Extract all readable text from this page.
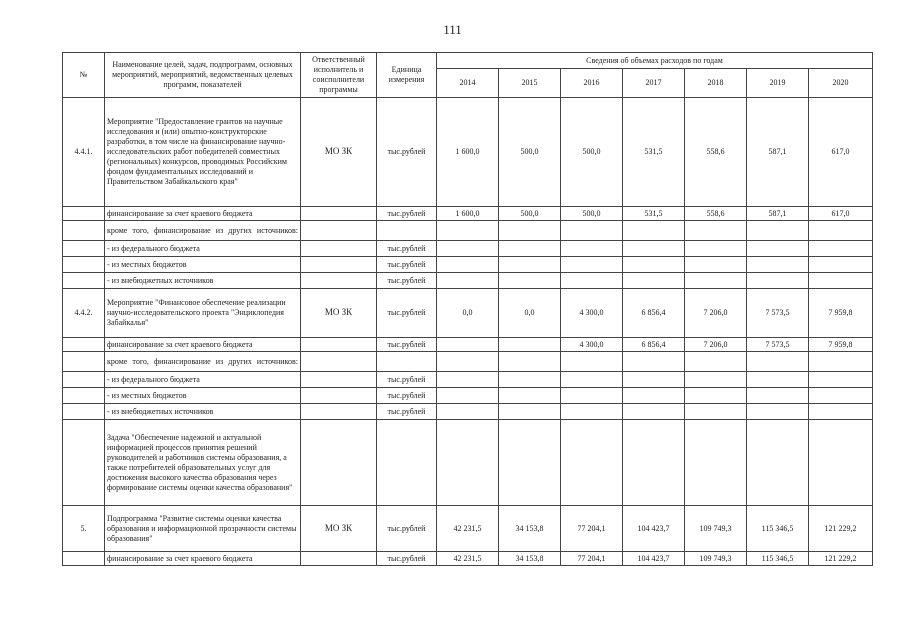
111
№	Наименование целей, задач, подпрограмм, основных мероприятий, мероприятий, ведомственных целевых программ, показателей	Ответственный исполнитель и соисполнители программы	Единица измерения	Сведения об объемах расходов по годам						
				2014	2015	2016	2017	2018	2019	2020
4.4.1.	Мероприятие "Предоставление грантов на научные исследования и (или) опытно-конструкторские разработки, в том числе на финансирование научно-исследовательских работ победителей совместных (региональных) конкурсов, проводимых Российским фондом фундаментальных исследований и Правительством Забайкальского края"	МО ЗК	тыс.рублей	1 600,0	500,0	500,0	531,5	558,6	587,1	617,0
	финансирование за счет краевого бюджета		тыс.рублей	1 600,0	500,0	500,0	531,5	558,6	587,1	617,0

	кроме того, финансирование из других источников:									

	- из федерального бюджета		тыс.рублей							
	- из местных бюджетов		тыс.рублей							
	- из внебюджетных источников		тыс.рублей							
4.4.2.	Мероприятие "Финансовое обеспечение реализации научно-исследовательского проекта "Энциклопедия Забайкалья"	МО ЗК	тыс.рублей	0,0	0,0	4 300,0	6 856,4	7 206,0	7 573,5	7 959,8
	финансирование за счет краевого бюджета		тыс.рублей			4 300,0	6 856,4	7 206,0	7 573,5	7 959,8

	кроме того, финансирование из других источников:									

	- из федерального бюджета		тыс.рублей							
	- из местных бюджетов		тыс.рублей							
	- из внебюджетных источников		тыс.рублей							
	Задача "Обеспечение надежной и актуальной информацией процессов принятия решений руководителей и работников системы образования, а также потребителей образовательных услуг для достижения высокого качества образования через формирование системы оценки качества образования"									
5.	Подпрограмма "Развитие системы оценки качества образования и информационной прозрачности системы образования"	МО ЗК	тыс.рублей	42 231,5	34 153,8	77 204,1	104 423,7	109 749,3	115 346,5	121 229,2
	финансирование за счет краевого бюджета		тыс.рублей	42 231,5	34 153,8	77 204,1	104 423,7	109 749,3	115 346,5	121 229,2
